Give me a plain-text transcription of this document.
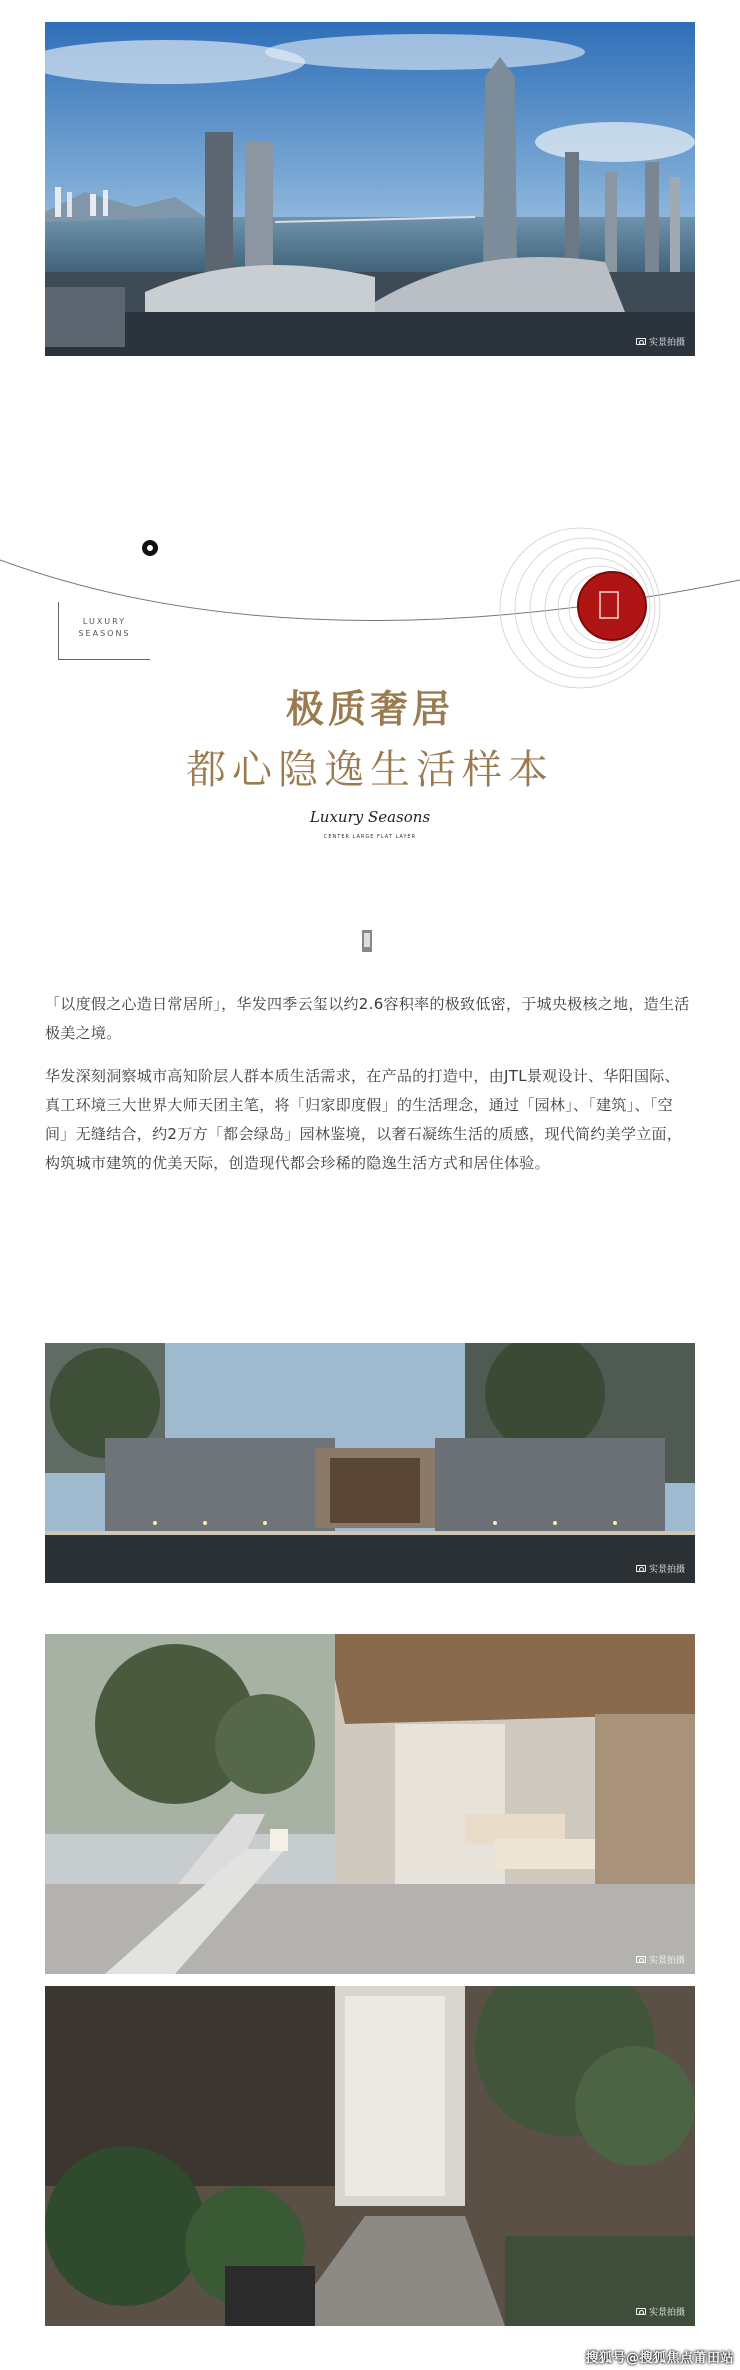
实景拍摄
LUXURY
SEASONS
极质奢居
都心隐逸生活样本
Luxury Seasons
CENTER LARGE FLAT LAYER

「以度假之心造日常居所」，华发四季云玺以约2.6容积率的极致低密，于城央极核之地，造生活极美之境。

华发深刻洞察城市高知阶层人群本质生活需求，在产品的打造中，由JTL景观设计、华阳国际、真工环境三大世界大师天团主笔，将「归家即度假」的生活理念，通过「园林」、「建筑」、「空间」无缝结合，约2万方「都会绿岛」园林鉴境，以奢石凝练生活的质感，现代简约美学立面，构筑城市建筑的优美天际，创造现代都会珍稀的隐逸生活方式和居住体验。

实景拍摄
实景拍摄
实景拍摄
搜狐号@搜狐焦点莆田站
